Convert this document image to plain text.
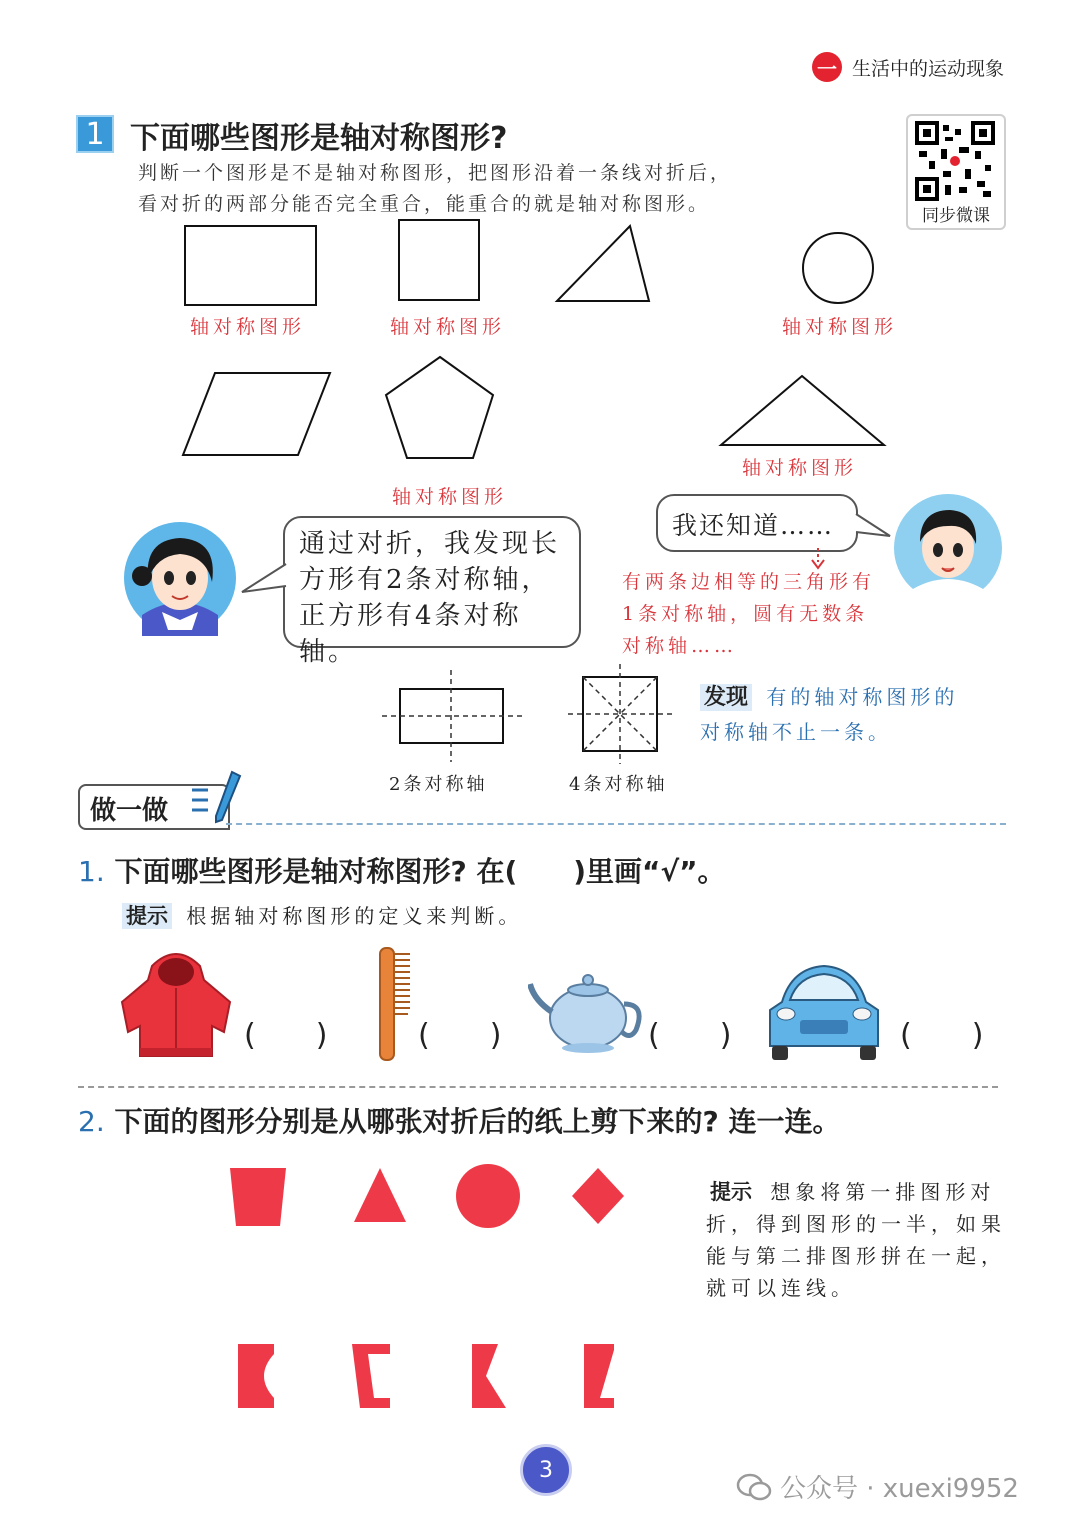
一 生活中的运动现象
1 下面哪些图形是轴对称图形?
判断一个图形是不是轴对称图形，把图形沿着一条线对折后，
看对折的两部分能否完全重合，能重合的就是轴对称图形。
同步微课
轴对称图形	轴对称图形	轴对称图形
轴对称图形
轴对称图形
通过对折，我发现长
方形有2条对称轴，
正方形有4条对称轴。
我还知道……
有两条边相等的三角形有
1条对称轴，圆有无数条
对称轴……
2条对称轴	4条对称轴
发现 有的轴对称图形的
对称轴不止一条。
做一做
1. 下面哪些图形是轴对称图形? 在(　　)里画“√”。
提示 根据轴对称图形的定义来判断。
(　　)	(　　)	(　　)	(　　)
2. 下面的图形分别是从哪张对折后的纸上剪下来的? 连一连。
提示 想象将第一排图形对
折，得到图形的一半，如果
能与第二排图形拼在一起，
就可以连线。
3
公众号 · xuexi9952
